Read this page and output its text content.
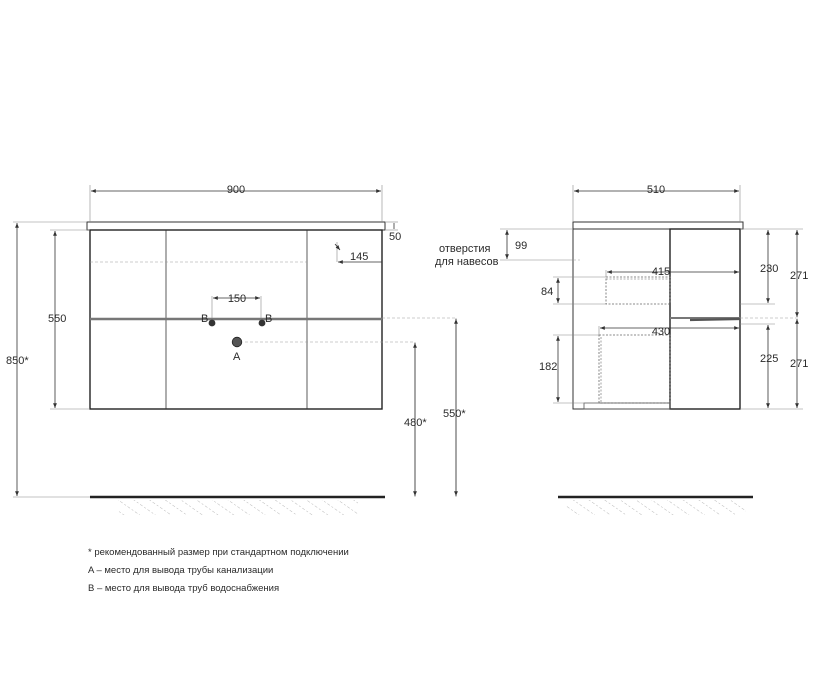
900
50
145
150
550
850*
480*
550*
B	B
A
510
отверстия
для навесов
99
415
84
430
182
230
271
225 271
* рекомендованный размер при стандартном подключении
A – место для вывода трубы канализации
B – место для вывода труб водоснабжения
